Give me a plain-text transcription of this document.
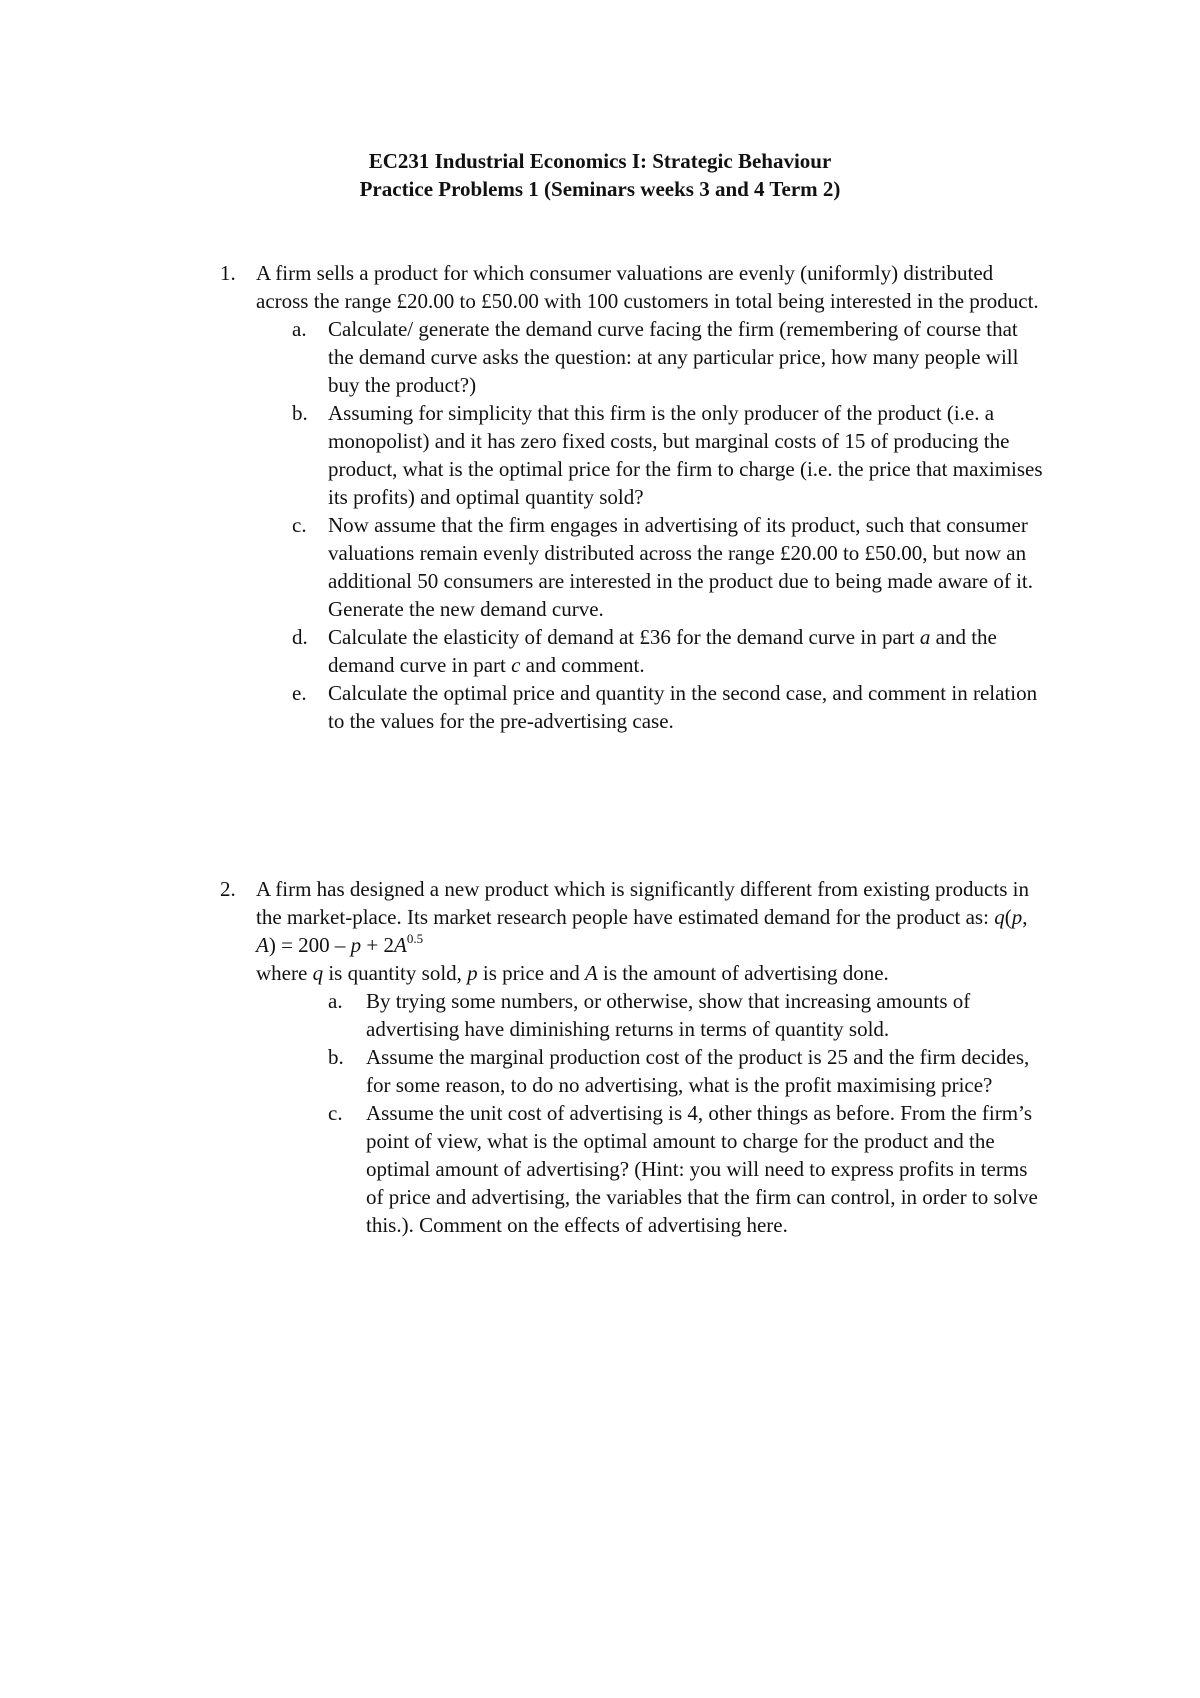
EC231 Industrial Economics I: Strategic Behaviour
Practice Problems 1 (Seminars weeks 3 and 4 Term 2)
1. A firm sells a product for which consumer valuations are evenly (uniformly) distributed across the range £20.00 to £50.00 with 100 customers in total being interested in the product.
a. Calculate/ generate the demand curve facing the firm (remembering of course that the demand curve asks the question: at any particular price, how many people will buy the product?)
b. Assuming for simplicity that this firm is the only producer of the product (i.e. a monopolist) and it has zero fixed costs, but marginal costs of 15 of producing the product, what is the optimal price for the firm to charge (i.e. the price that maximises its profits) and optimal quantity sold?
c. Now assume that the firm engages in advertising of its product, such that consumer valuations remain evenly distributed across the range £20.00 to £50.00, but now an additional 50 consumers are interested in the product due to being made aware of it. Generate the new demand curve.
d. Calculate the elasticity of demand at £36 for the demand curve in part a and the demand curve in part c and comment.
e. Calculate the optimal price and quantity in the second case, and comment in relation to the values for the pre-advertising case.
2. A firm has designed a new product which is significantly different from existing products in the market-place. Its market research people have estimated demand for the product as: q(p, $A) = 200 - p + 2A^{0.5}$
where q is quantity sold, p is price and A is the amount of advertising done.
a. By trying some numbers, or otherwise, show that increasing amounts of advertising have diminishing returns in terms of quantity sold.
b. Assume the marginal production cost of the product is 25 and the firm decides, for some reason, to do no advertising, what is the profit maximising price?
c. Assume the unit cost of advertising is 4, other things as before. From the firm’s point of view, what is the optimal amount to charge for the product and the optimal amount of advertising? (Hint: you will need to express profits in terms of price and advertising, the variables that the firm can control, in order to solve this.). Comment on the effects of advertising here.
